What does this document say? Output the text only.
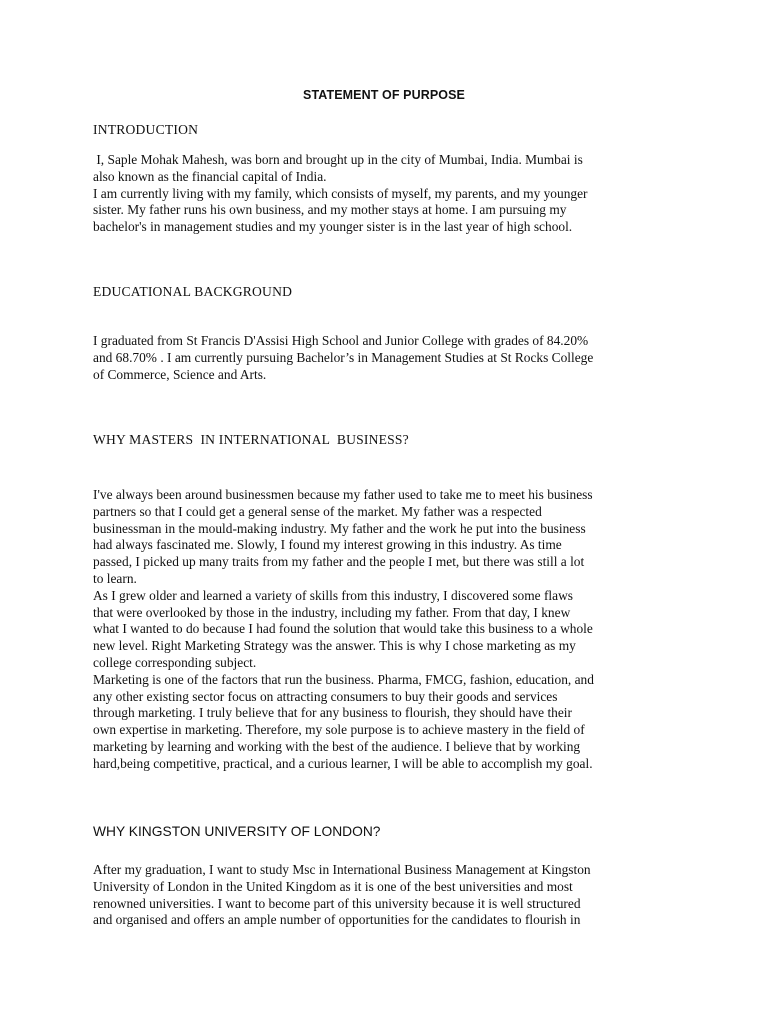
STATEMENT OF PURPOSE
INTRODUCTION
I, Saple Mohak Mahesh, was born and brought up in the city of Mumbai, India. Mumbai is
also known as the financial capital of India.
I am currently living with my family, which consists of myself, my parents, and my younger
sister. My father runs his own business, and my mother stays at home. I am pursuing my
bachelor's in management studies and my younger sister is in the last year of high school.
EDUCATIONAL BACKGROUND
I graduated from St Francis D'Assisi High School and Junior College with grades of 84.20%
and 68.70% . I am currently pursuing Bachelor’s in Management Studies at St Rocks College
of Commerce, Science and Arts.
WHY MASTERS  IN INTERNATIONAL  BUSINESS?
I've always been around businessmen because my father used to take me to meet his business
partners so that I could get a general sense of the market. My father was a respected
businessman in the mould-making industry. My father and the work he put into the business
had always fascinated me. Slowly, I found my interest growing in this industry. As time
passed, I picked up many traits from my father and the people I met, but there was still a lot
to learn.
As I grew older and learned a variety of skills from this industry, I discovered some flaws
that were overlooked by those in the industry, including my father. From that day, I knew
what I wanted to do because I had found the solution that would take this business to a whole
new level. Right Marketing Strategy was the answer. This is why I chose marketing as my
college corresponding subject.
Marketing is one of the factors that run the business. Pharma, FMCG, fashion, education, and
any other existing sector focus on attracting consumers to buy their goods and services
through marketing. I truly believe that for any business to flourish, they should have their
own expertise in marketing. Therefore, my sole purpose is to achieve mastery in the field of
marketing by learning and working with the best of the audience. I believe that by working
hard,being competitive, practical, and a curious learner, I will be able to accomplish my goal.
WHY KINGSTON UNIVERSITY OF LONDON?
After my graduation, I want to study Msc in International Business Management at Kingston
University of London in the United Kingdom as it is one of the best universities and most
renowned universities. I want to become part of this university because it is well structured
and organised and offers an ample number of opportunities for the candidates to flourish in
